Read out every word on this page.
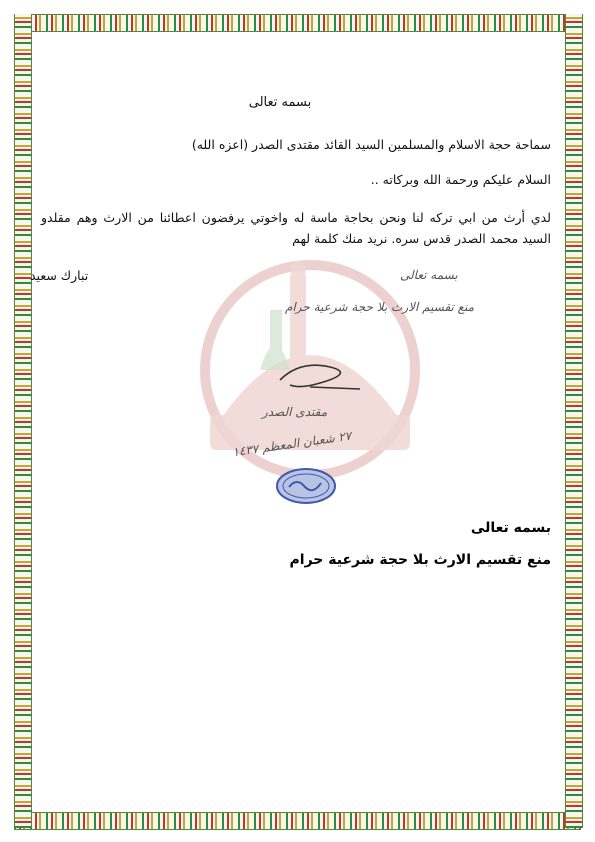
بسمه تعالى
سماحة حجة الاسلام والمسلمين السيد القائد مقتدى الصدر (اعزه الله)
السلام عليكم ورحمة الله وبركاته ..
لدي أرث من ابي تركه لنا ونحن بحاجة ماسة له واخوتي يرفضون اعطائنا من الارث وهم مقلدو السيد محمد الصدر قدس سره. نريد منك كلمة لهم
تبارك سعيد	بسمه تعالى
منع تقسيم الارث بلا حجة شرعية حرام
مقتدى الصدر
٢٧ شعبان المعظم ١٤٣٧
بسمه تعالى
منع تقسيم الارث بلا حجة شرعية حرام
